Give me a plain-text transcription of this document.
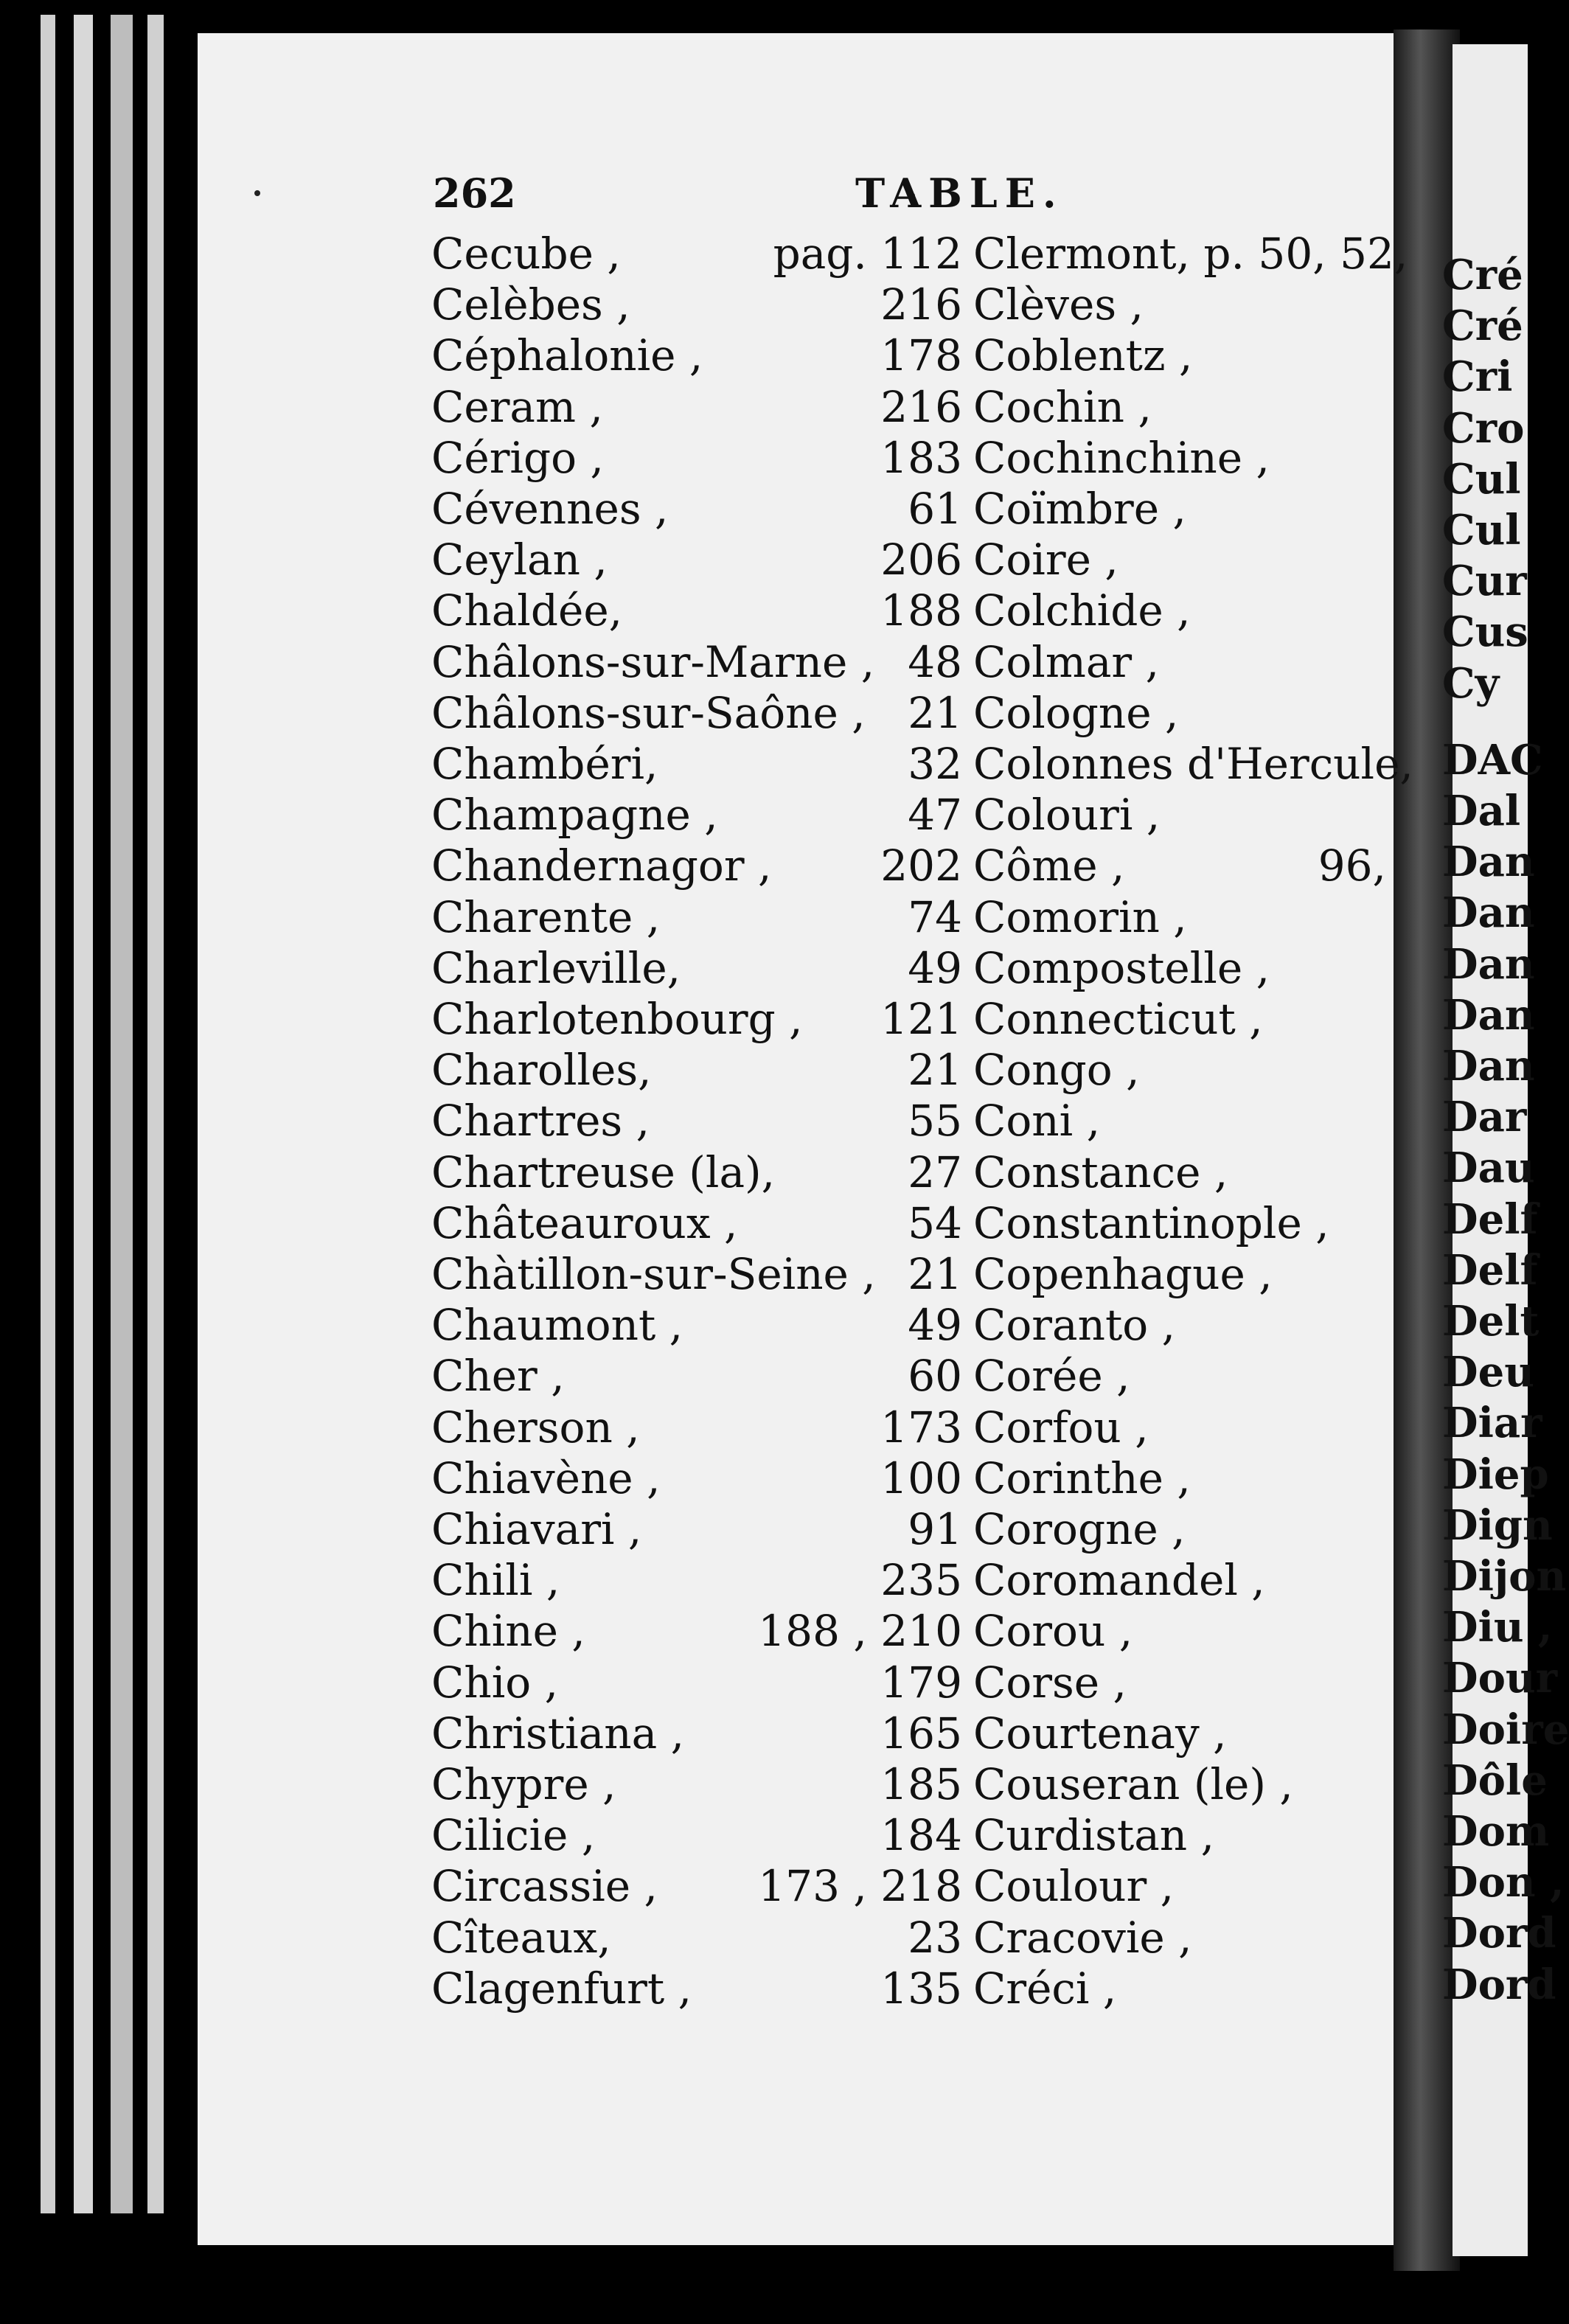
Cré
Cré
Cri
Cro
Cul
Cul
Cur
Cus
Cy
DAC
Dal
Dan
Dan
Dan
Dan
Dan
Dar
Dau
Delf
Delf
Delt
Deu
Diar
Diep
Dign
Dijon
Diu ,
Dour
Doire
Dôle
Dom
Don ,
Dord
Dord
262	TABLE.
Cecube ,	pag. 112
Celèbes ,	216
Céphalonie ,	178
Ceram ,	216
Cérigo ,	183
Cévennes ,	61
Ceylan ,	206
Chaldée,	188
Châlons-sur-Marne , 48
Châlons-sur-Saône , 21
Chambéri,	32
Champagne ,	47
Chandernagor ,	202
Charente ,	74
Charleville,	49
Charlotenbourg , 121
Charolles,	21
Chartres ,	55
Chartreuse (la),	27
Châteauroux ,	54
Chàtillon-sur-Seine , 21
Chaumont ,	49
Cher ,	60
Cherson ,	173
Chiavène ,	100
Chiavari ,	91
Chili ,	235
Chine ,	188 , 210
Chio ,	179
Christiana ,	165
Chypre ,	185
Cilicie ,	184
Circassie , 173 , 218
Cîteaux,	23
Clagenfurt ,	135
Clermont, p. 50, 52,
Clèves ,
Coblentz ,
Cochin ,
Cochinchine ,
Coïmbre ,
Coire ,
Colchide ,
Colmar ,
Cologne ,
Colonnes d'Hercule,
Colouri ,
Côme ,	96,
Comorin ,
Compostelle ,
Connecticut ,
Congo ,
Coni ,
Constance ,
Constantinople ,
Copenhague ,
Coranto ,
Corée ,
Corfou ,
Corinthe ,
Corogne ,
Coromandel ,
Corou ,
Corse ,
Courtenay ,
Couseran (le) ,
Curdistan ,
Coulour ,
Cracovie ,
Créci ,
